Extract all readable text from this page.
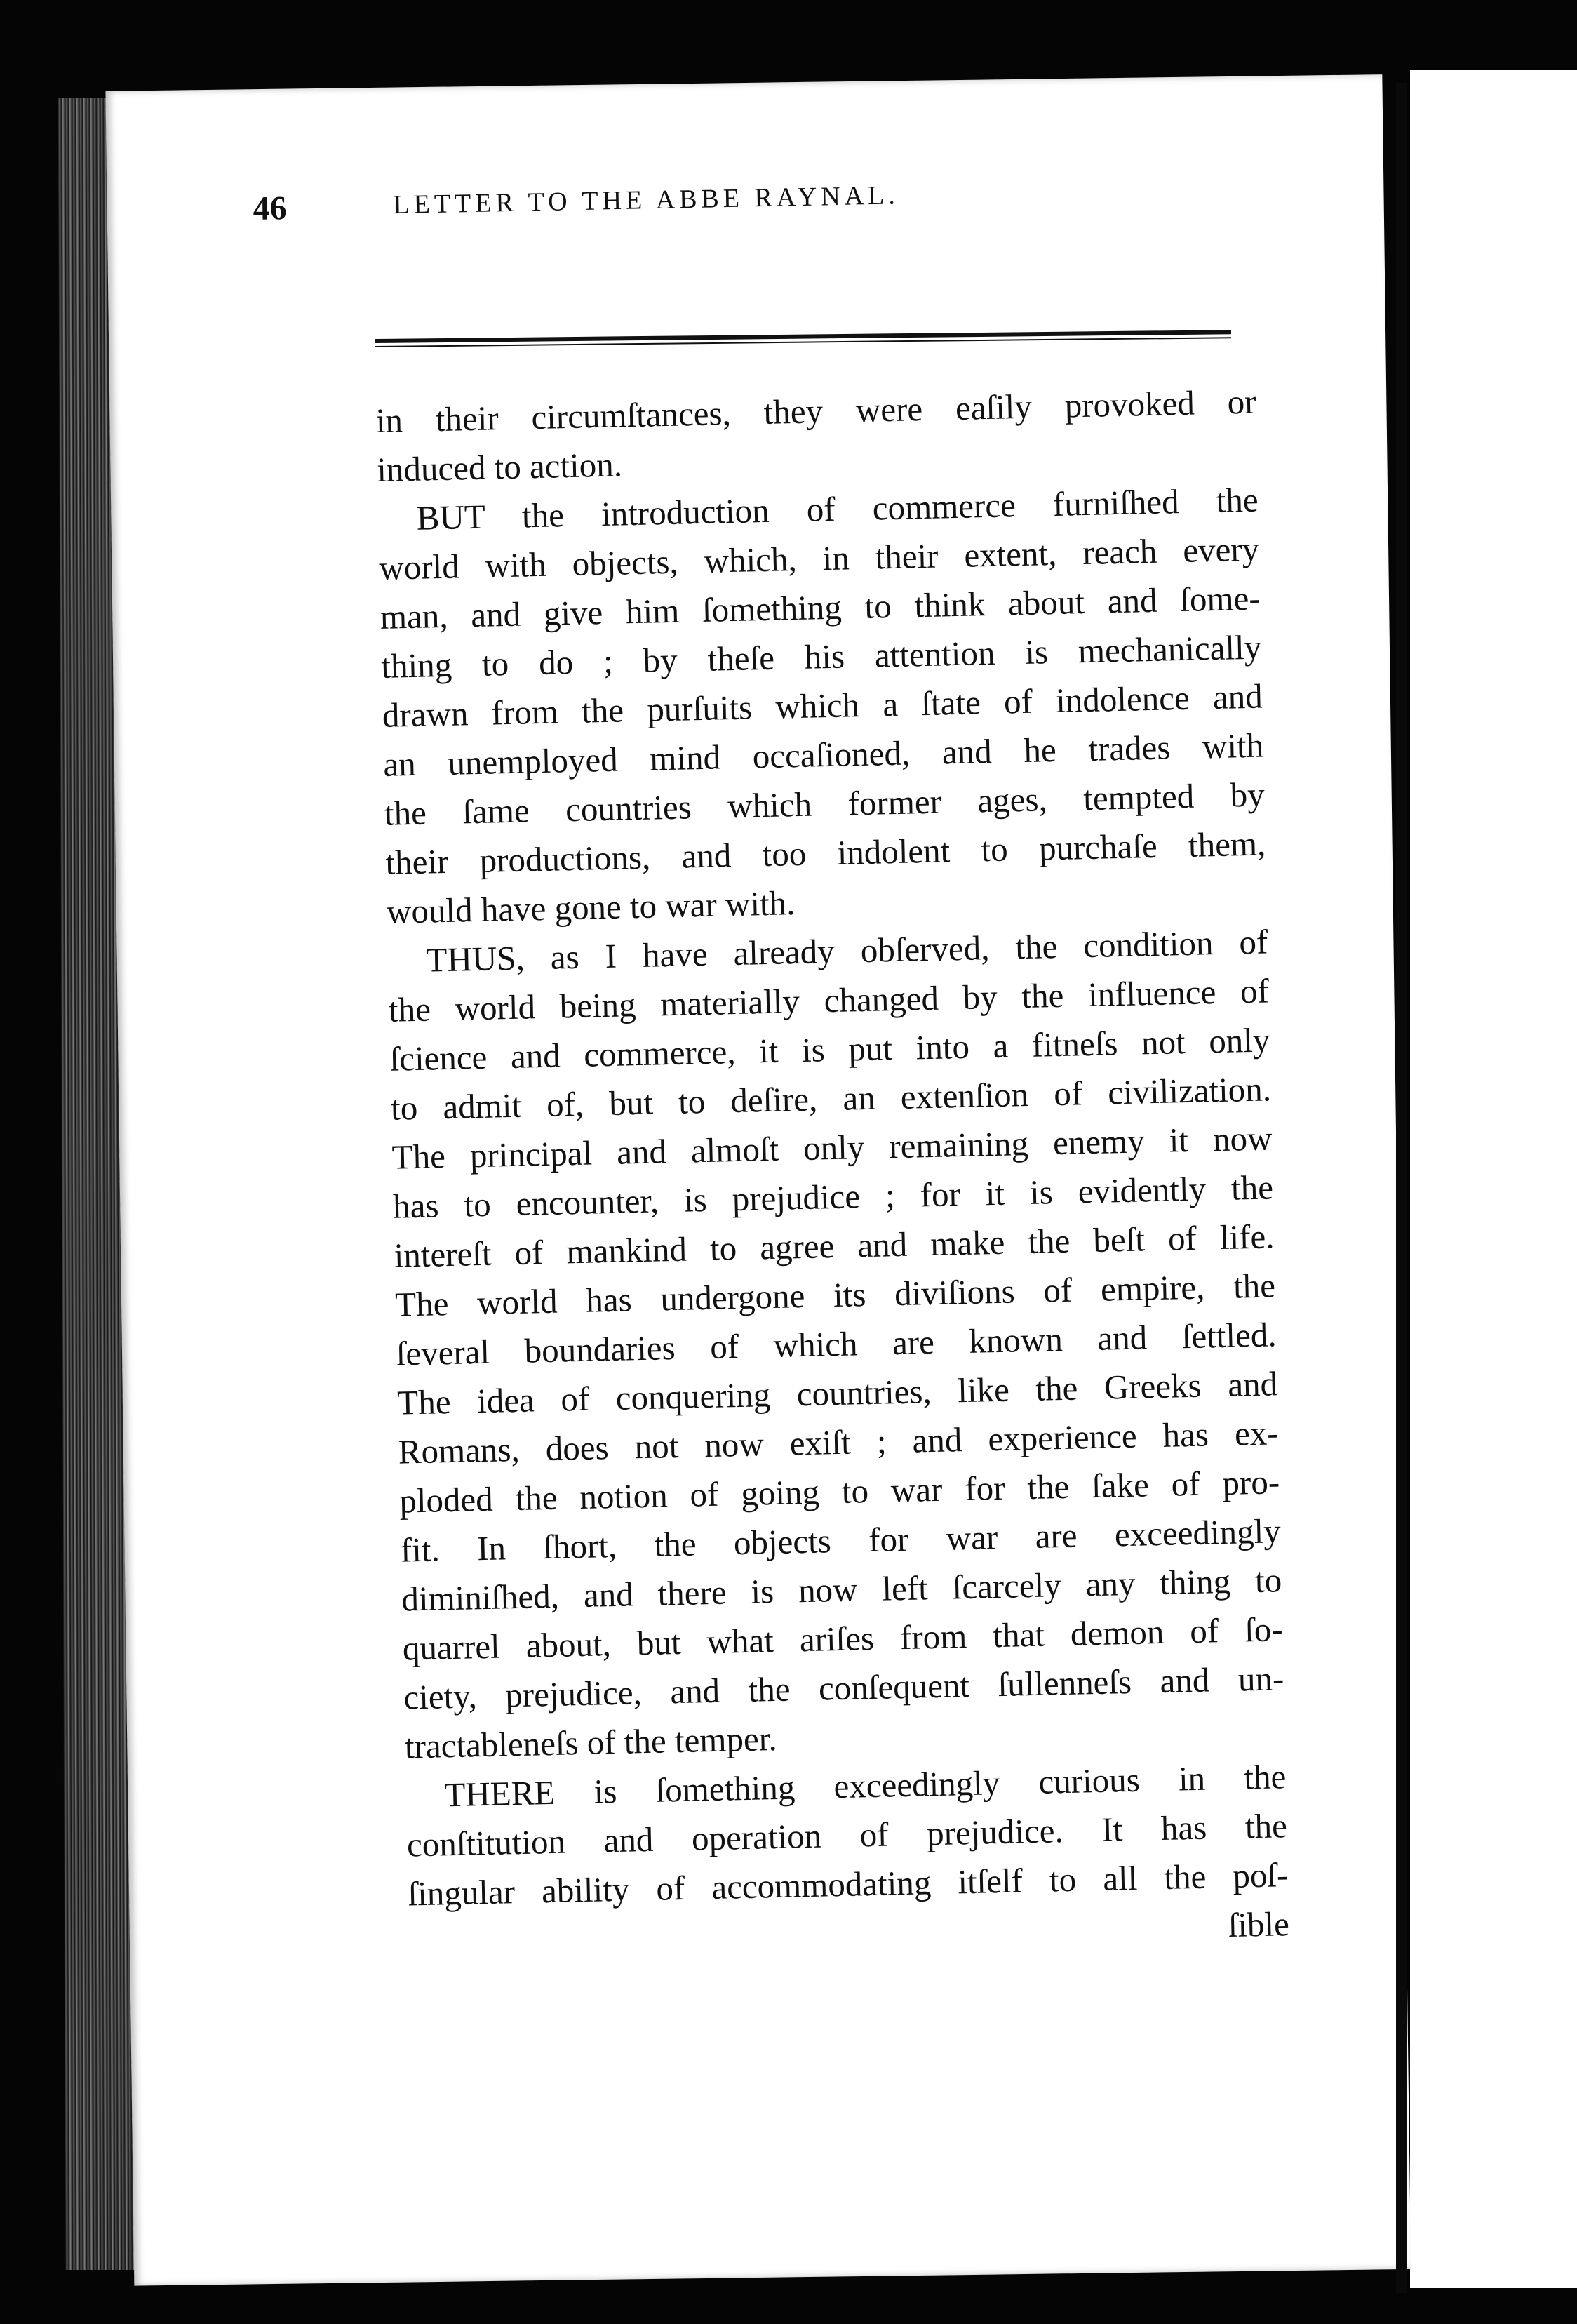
46	LETTER TO THE ABBE RAYNAL.
in their circumſtances, they were eaſily provoked or
induced to action.
BUT the introduction of commerce furniſhed the
world with objects, which, in their extent, reach every
man, and give him ſomething to think about and ſome-
thing to do ; by theſe his attention is mechanically
drawn from the purſuits which a ſtate of indolence and
an unemployed mind occaſioned, and he trades with
the ſame countries which former ages, tempted by
their productions, and too indolent to purchaſe them,
would have gone to war with.
THUS, as I have already obſerved, the condition of
the world being materially changed by the influence of
ſcience and commerce, it is put into a fitneſs not only
to admit of, but to deſire, an extenſion of civilization.
The principal and almoſt only remaining enemy it now
has to encounter, is prejudice ; for it is evidently the
intereſt of mankind to agree and make the beſt of life.
The world has undergone its diviſions of empire, the
ſeveral boundaries of which are known and ſettled.
The idea of conquering countries, like the Greeks and
Romans, does not now exiſt ; and experience has ex-
ploded the notion of going to war for the ſake of pro-
fit. In ſhort, the objects for war are exceedingly
diminiſhed, and there is now left ſcarcely any thing to
quarrel about, but what ariſes from that demon of ſo-
ciety, prejudice, and the conſequent ſullenneſs and un-
tractableneſs of the temper.
THERE is ſomething exceedingly curious in the
conſtitution and operation of prejudice. It has the
ſingular ability of accommodating itſelf to all the poſ-
ſible
